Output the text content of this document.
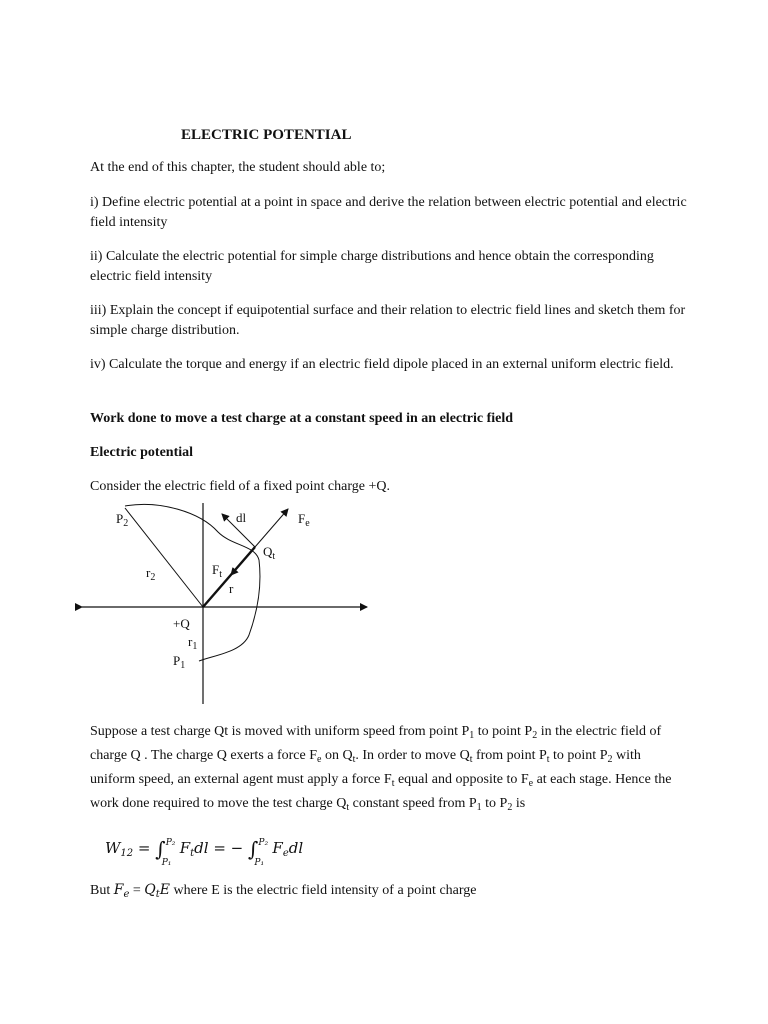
ELECTRIC POTENTIAL
At the end of this chapter, the student should able to;
i) Define electric potential at a point in space and derive the relation between electric potential and electric field intensity
ii) Calculate the electric potential for simple charge distributions and hence obtain the corresponding electric field intensity
iii) Explain the concept if equipotential surface and their relation to electric field lines and sketch them for simple charge distribution.
iv) Calculate the torque and energy if an electric field dipole placed in an external uniform electric field.
Work done to move a test charge at a constant speed in an electric field
Electric potential
Consider the electric field of a fixed point charge +Q.
$P_2$	dl	$F_e$
$Q_t$
$r_2$
$F_t$
r
+Q
$r_1$
$P_1$
Suppose a test charge Qt is moved with uniform speed from point $P_1$ to point $P_2$ in the electric field of charge Q . The charge Q exerts a force $F_e$ on $Q_t$. In order to move $Q_t$ from point $P_t$ to point $P_2$ with uniform speed, an external agent must apply a force $F_t$ equal and opposite to $F_e$ at each stage. Hence the work done required to move the test charge $Q_t$ constant speed from $P_1$ to $P_2$ is
$W_{12}$ = ∫ P₂
P₁
$F_tdl$ = − ∫ P₂
P₁
$F_edl$
But $F_e = Q_tE$ where E is the electric field intensity of a point charge
